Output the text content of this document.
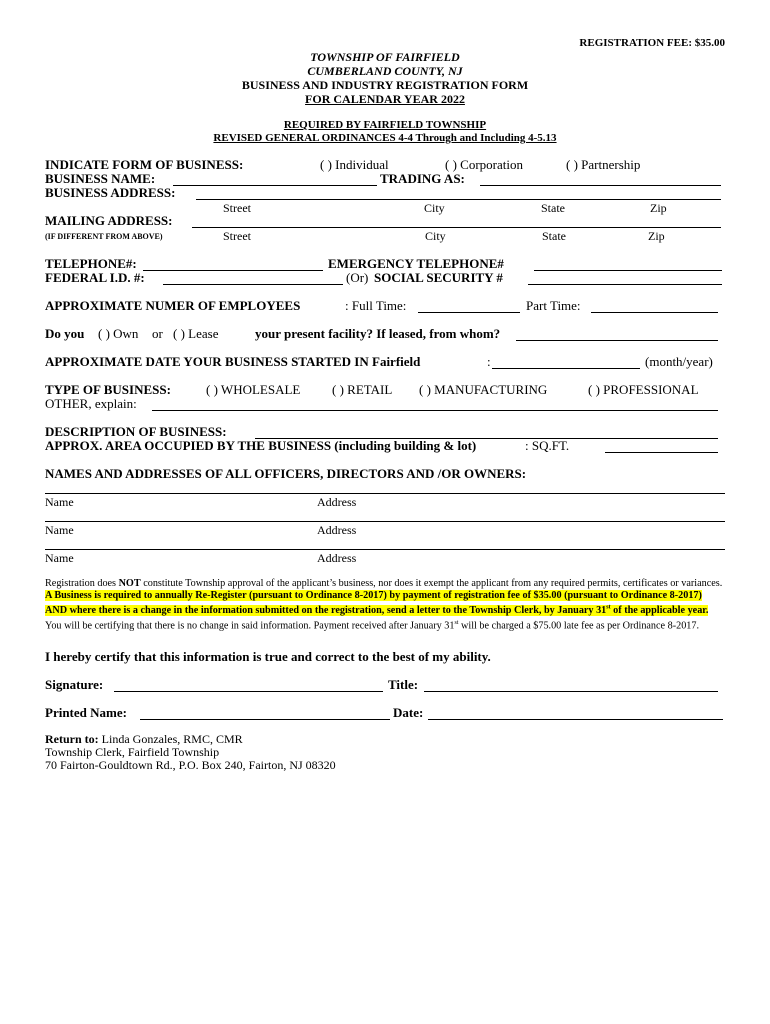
REGISTRATION FEE: $35.00
TOWNSHIP OF FAIRFIELD
CUMBERLAND COUNTY, NJ
BUSINESS AND INDUSTRY REGISTRATION FORM
FOR CALENDAR YEAR 2022
REQUIRED BY FAIRFIELD TOWNSHIP
REVISED GENERAL ORDINANCES 4-4 Through and Including 4-5.13
INDICATE FORM OF BUSINESS:	( ) Individual	( ) Corporation	( ) Partnership
BUSINESS NAME:	TRADING AS:
BUSINESS ADDRESS:
Street	City	State	Zip
MAILING ADDRESS:
(IF DIFFERENT FROM ABOVE)	Street	City	State	Zip
TELEPHONE#:	EMERGENCY TELEPHONE#
FEDERAL I.D. #:	(Or) SOCIAL SECURITY #
APPROXIMATE NUMER OF EMPLOYEES	: Full Time:	Part Time:
Do you ( ) Own or ( ) Lease	your present facility? If leased, from whom?
APPROXIMATE DATE YOUR BUSINESS STARTED IN Fairfield	:	(month/year)
TYPE OF BUSINESS:	( ) WHOLESALE ( ) RETAIL ( ) MANUFACTURING	( ) PROFESSIONAL
OTHER, explain:
DESCRIPTION OF BUSINESS:
APPROX. AREA OCCUPIED BY THE BUSINESS (including building & lot)	: SQ.FT.
NAMES AND ADDRESSES OF ALL OFFICERS, DIRECTORS AND /OR OWNERS:
Name	Address
Name	Address
Name	Address
Registration does NOT constitute Township approval of the applicant’s business, nor does it exempt the applicant from any required permits, certificates or variances. A Business is required to annually Re-Register (pursuant to Ordinance 8-2017) by payment of registration fee of $35.00 (pursuant to Ordinance 8-2017) AND where there is a change in the information submitted on the registration, send a letter to the Township Clerk, by January 31st of the applicable year. You will be certifying that there is no change in said information. Payment received after January 31st will be charged a $75.00 late fee as per Ordinance 8-2017.
I hereby certify that this information is true and correct to the best of my ability.
Signature:	Title:
Printed Name:	Date:
Return to: Linda Gonzales, RMC, CMR
Township Clerk, Fairfield Township
70 Fairton-Gouldtown Rd., P.O. Box 240, Fairton, NJ 08320
